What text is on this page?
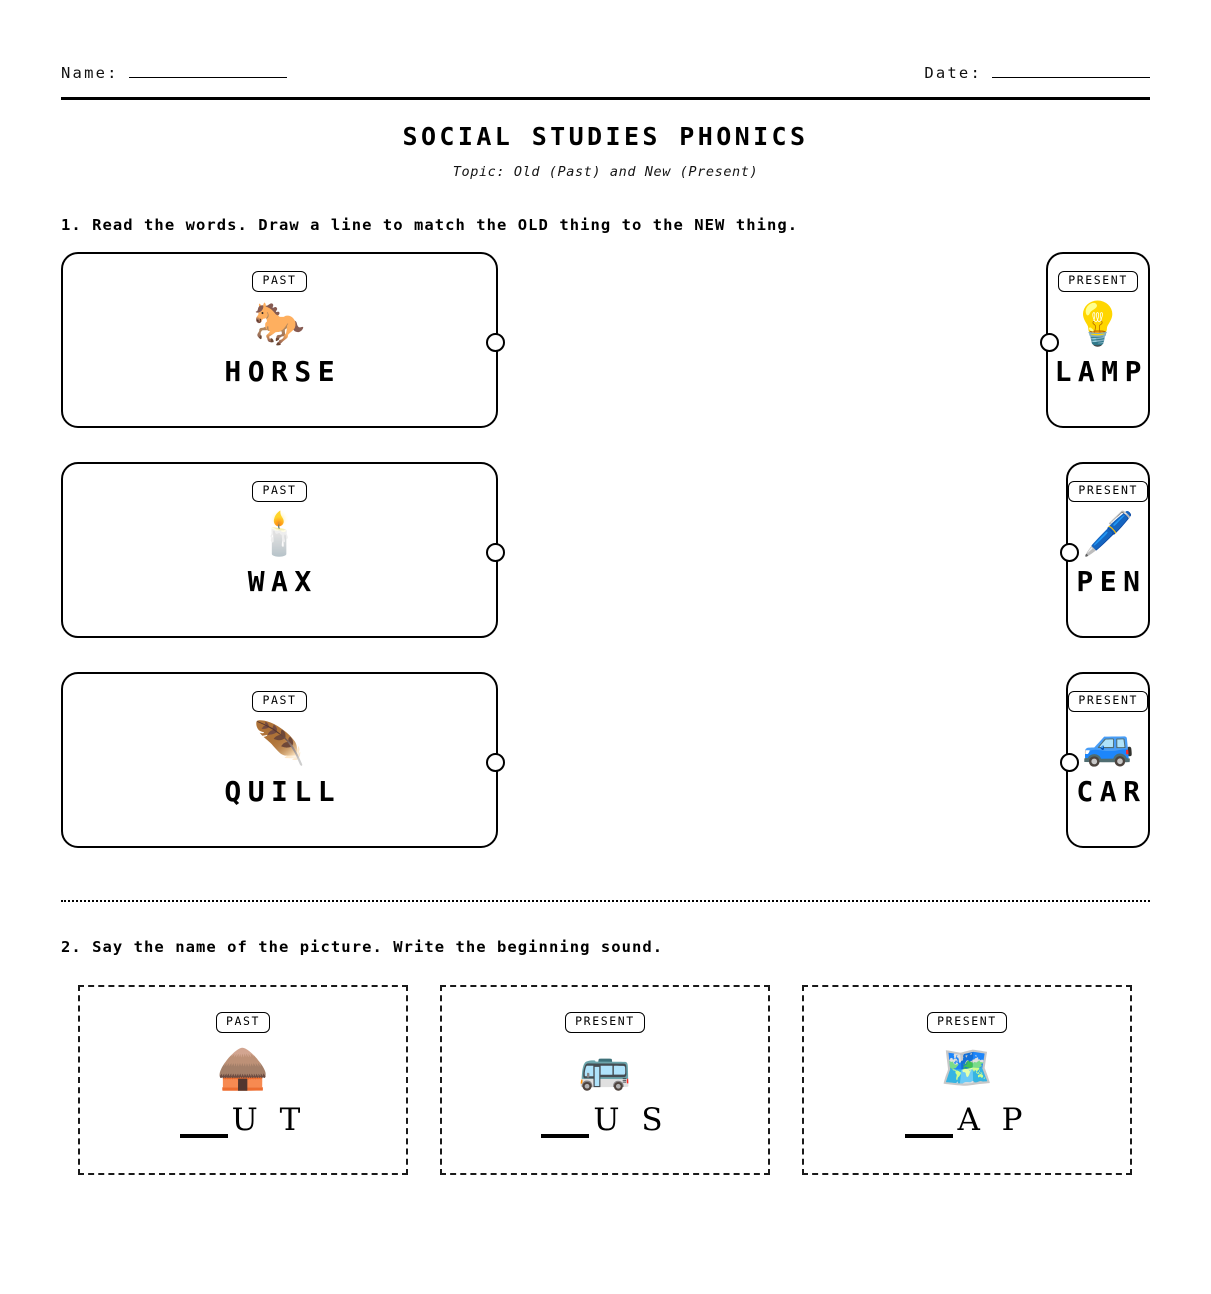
Name:	Date:
SOCIAL STUDIES PHONICS
Topic: Old (Past) and New (Present)
1. Read the words. Draw a line to match the OLD thing to the NEW thing.
PAST
🐎
HORSE
PRESENT
💡
LAMP
PAST
🕯️
WAX
PRESENT
🖊️
PEN
PAST
🪶
QUILL
PRESENT
🚙
CAR
2. Say the name of the picture. Write the beginning sound.
PAST
🛖
U T
PRESENT
🚌
U S
PRESENT
🗺️
A P
